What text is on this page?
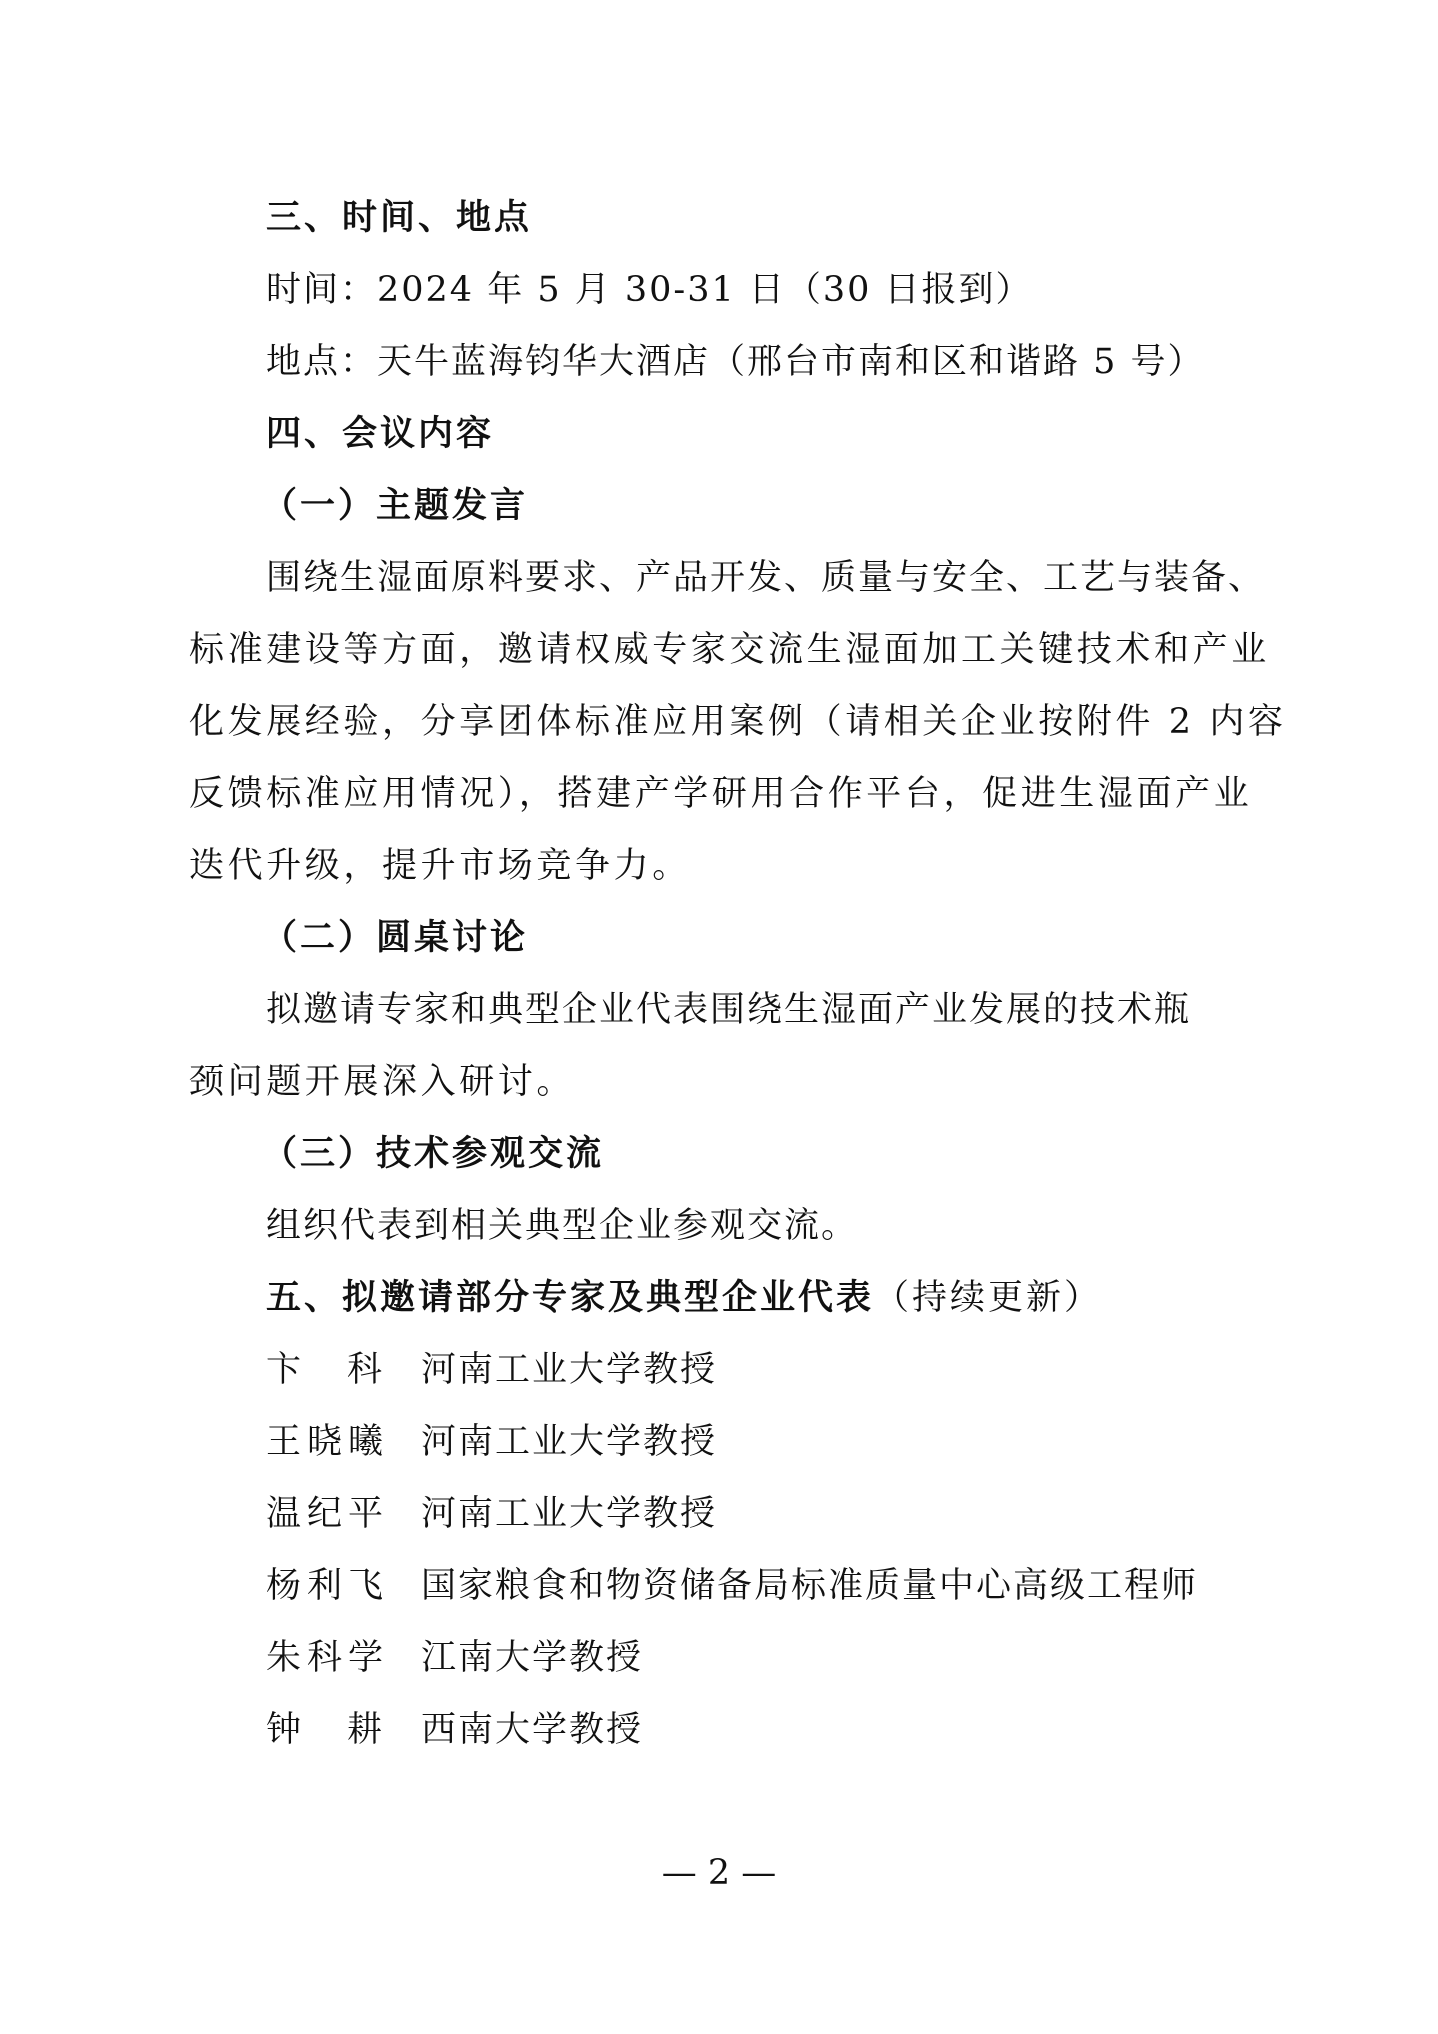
三、时间、地点
时间：2024 年 5 月 30-31 日（30 日报到）
地点：天牛蓝海钧华大酒店（邢台市南和区和谐路 5 号）
四、会议内容
（一）主题发言
围绕生湿面原料要求、产品开发、质量与安全、工艺与装备、
标准建设等方面，邀请权威专家交流生湿面加工关键技术和产业
化发展经验，分享团体标准应用案例（请相关企业按附件 2 内容
反馈标准应用情况），搭建产学研用合作平台，促进生湿面产业
迭代升级，提升市场竞争力。
（二）圆桌讨论
拟邀请专家和典型企业代表围绕生湿面产业发展的技术瓶
颈问题开展深入研讨。
（三）技术参观交流
组织代表到相关典型企业参观交流。
五、拟邀请部分专家及典型企业代表（持续更新）
卞科河南工业大学教授
王晓曦 河南工业大学教授
温纪平 河南工业大学教授
杨利飞 国家粮食和物资储备局标准质量中心高级工程师
朱科学 江南大学教授
钟耕西南大学教授
— 2 —
